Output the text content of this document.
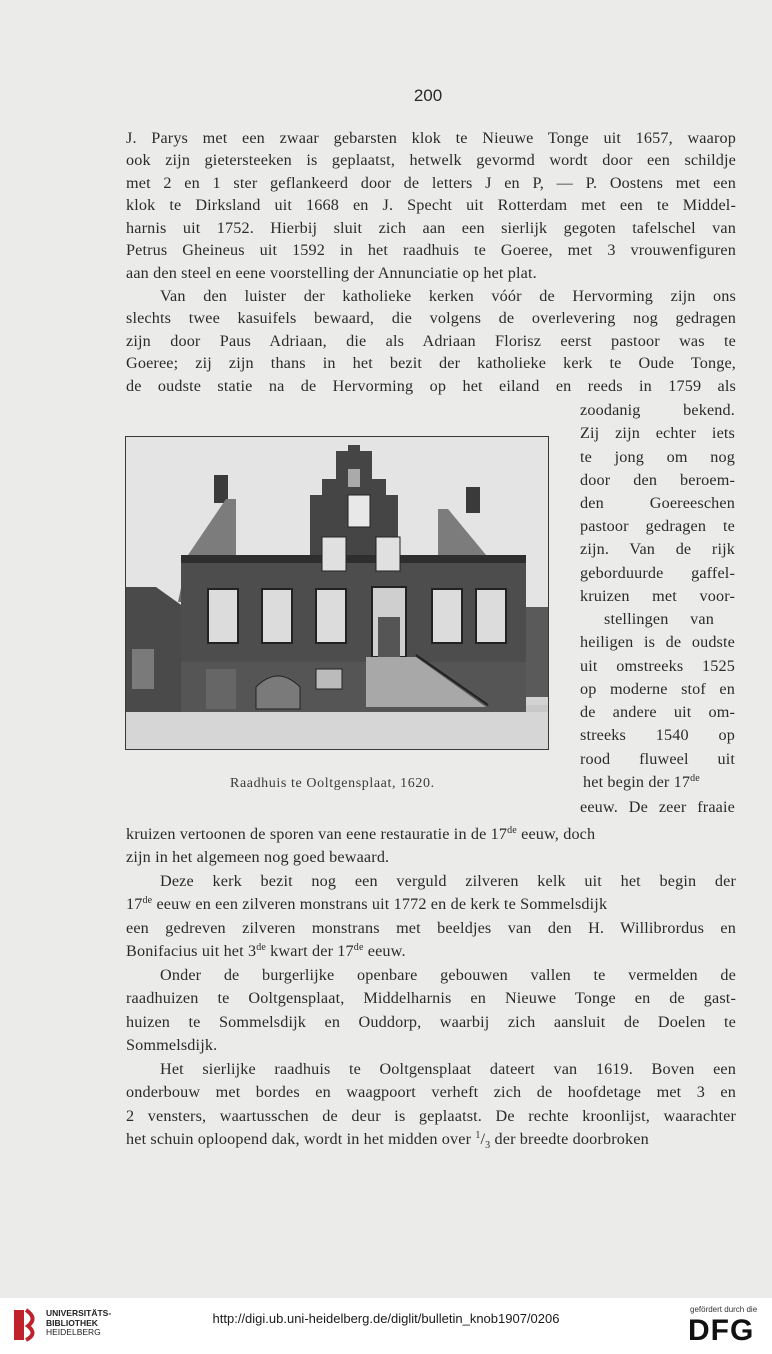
200
J. Parys met een zwaar gebarsten klok te Nieuwe Tonge uit 1657, waarop
ook zijn gietersteeken is geplaatst, hetwelk gevormd wordt door een schildje
met 2 en 1 ster geflankeerd door de letters J en P, — P. Oostens met een
klok te Dirksland uit 1668 en J. Specht uit Rotterdam met een te Middel-
harnis uit 1752. Hierbij sluit zich aan een sierlijk gegoten tafelschel van
Petrus Gheineus uit 1592 in het raadhuis te Goeree, met 3 vrouwenfiguren
aan den steel en eene voorstelling der Annunciatie op het plat.
Van den luister der katholieke kerken vóór de Hervorming zijn ons
slechts twee kasuifels bewaard, die volgens de overlevering nog gedragen
zijn door Paus Adriaan, die als Adriaan Florisz eerst pastoor was te
Goeree; zij zijn thans in het bezit der katholieke kerk te Oude Tonge,
de oudste statie na de Hervorming op het eiland en reeds in 1759 als
zoodanig bekend.
Zij zijn echter iets
te jong om nog
door den beroem-
den Goereeschen
pastoor gedragen te
zijn. Van de rijk
geborduurde gaffel-
kruizen met voor-
stellingen van
heiligen is de oudste
uit omstreeks 1525
op moderne stof en
de andere uit om-
streeks 1540 op
rood fluweel uit
het begin der 17de
eeuw. De zeer fraaie
Raadhuis te Ooltgensplaat, 1620.
kruizen vertoonen de sporen van eene restauratie in de 17de eeuw, doch
zijn in het algemeen nog goed bewaard.
Deze kerk bezit nog een verguld zilveren kelk uit het begin der
17de eeuw en een zilveren monstrans uit 1772 en de kerk te Sommelsdijk
een gedreven zilveren monstrans met beeldjes van den H. Willibrordus en
Bonifacius uit het 3de kwart der 17de eeuw.
Onder de burgerlijke openbare gebouwen vallen te vermelden de
raadhuizen te Ooltgensplaat, Middelharnis en Nieuwe Tonge en de gast-
huizen te Sommelsdijk en Ouddorp, waarbij zich aansluit de Doelen te
Sommelsdijk.
Het sierlijke raadhuis te Ooltgensplaat dateert van 1619. Boven een
onderbouw met bordes en waagpoort verheft zich de hoofdetage met 3 en
2 vensters, waartusschen de deur is geplaatst. De rechte kroonlijst, waarachter
het schuin oploopend dak, wordt in het midden over $^1/_3$ der breedte doorbroken
UNIVERSITÄTS-
BIBLIOTHEK
HEIDELBERG
http://digi.ub.uni-heidelberg.de/diglit/bulletin_knob1907/0206
gefördert durch die
DFG
